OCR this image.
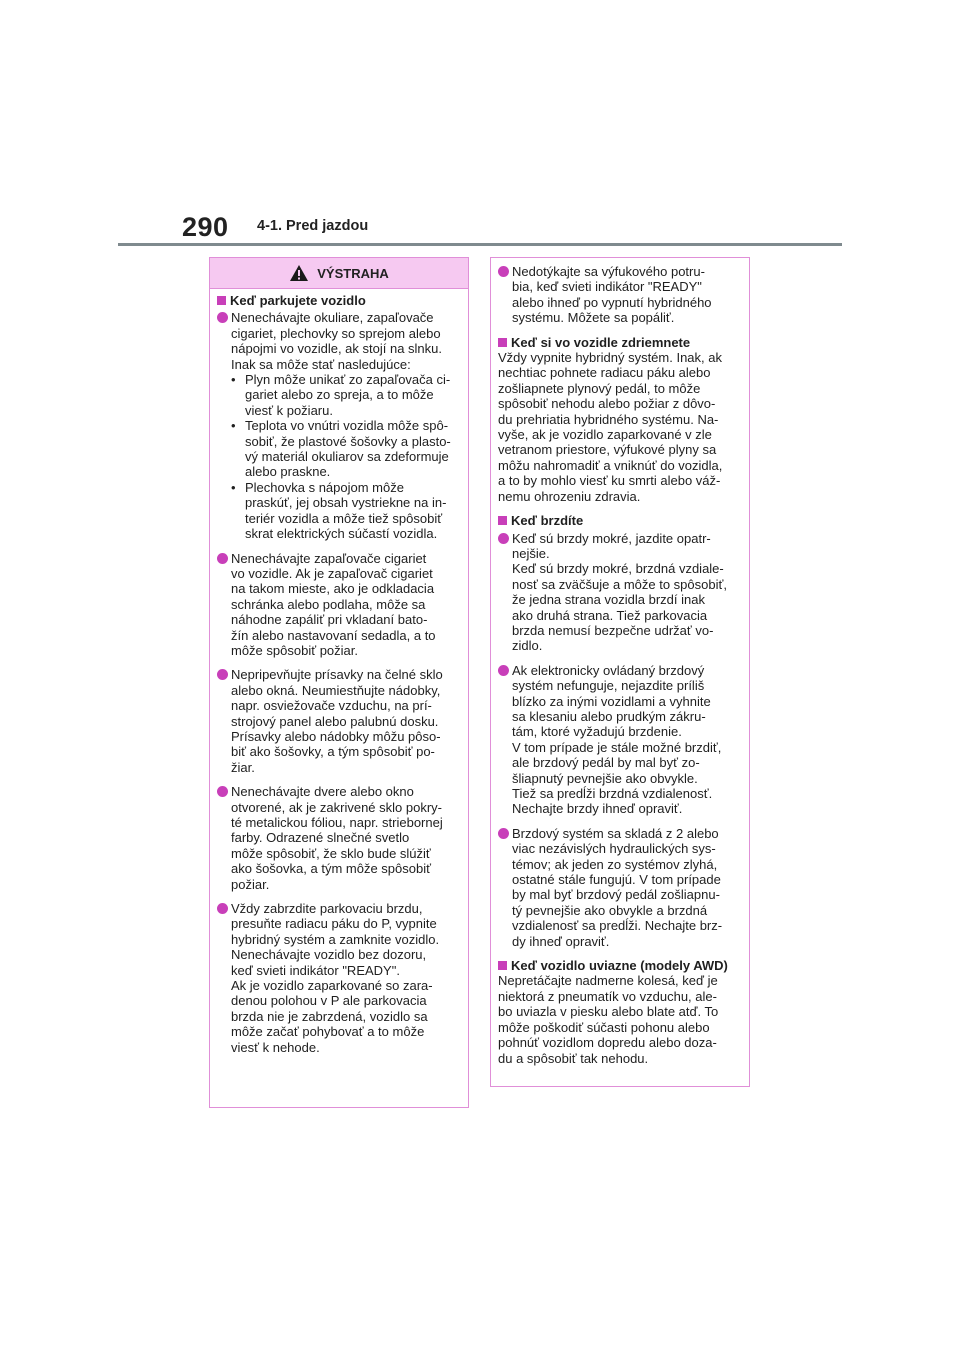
290 4-1. Pred jazdou
VÝSTRAHA
Keď parkujete vozidlo
Nenechávajte okuliare, zapaľovače
cigariet, plechovky so sprejom alebo
nápojmi vo vozidle, ak stojí na slnku.
Inak sa môže stať nasledujúce:
• Plyn môže unikať zo zapaľovača ci-
gariet alebo zo spreja, a to môže
viesť k požiaru.
• Teplota vo vnútri vozidla môže spô-
sobiť, že plastové šošovky a plasto-
vý materiál okuliarov sa zdeformuje
alebo praskne.
• Plechovka s nápojom môže
praskúť, jej obsah vystriekne na in-
teriér vozidla a môže tiež spôsobiť
skrat elektrických súčastí vozidla.
Nenechávajte zapaľovače cigariet
vo vozidle. Ak je zapaľovač cigariet
na takom mieste, ako je odkladacia
schránka alebo podlaha, môže sa
náhodne zapáliť pri vkladaní bato-
žín alebo nastavovaní sedadla, a to
môže spôsobiť požiar.
Nepripevňujte prísavky na čelné sklo
alebo okná. Neumiestňujte nádobky,
napr. osviežovače vzduchu, na prí-
strojový panel alebo palubnú dosku.
Prísavky alebo nádobky môžu pôso-
biť ako šošovky, a tým spôsobiť po-
žiar.
Nenechávajte dvere alebo okno
otvorené, ak je zakrivené sklo pokry-
té metalickou fóliou, napr. striebornej
farby. Odrazené slnečné svetlo
môže spôsobiť, že sklo bude slúžiť
ako šošovka, a tým môže spôsobiť
požiar.
Vždy zabrzdite parkovaciu brzdu,
presuňte radiacu páku do P, vypnite
hybridný systém a zamknite vozidlo.
Nenechávajte vozidlo bez dozoru,
keď svieti indikátor "READY".
Ak je vozidlo zaparkované so zara-
denou polohou v P ale parkovacia
brzda nie je zabrzdená, vozidlo sa
môže začať pohybovať a to môže
viesť k nehode.
Nedotýkajte sa výfukového potru-
bia, keď svieti indikátor "READY"
alebo ihneď po vypnutí hybridného
systému. Môžete sa popáliť.
Keď si vo vozidle zdriemnete
Vždy vypnite hybridný systém. Inak, ak
nechtiac pohnete radiacu páku alebo
zošliapnete plynový pedál, to môže
spôsobiť nehodu alebo požiar z dôvo-
du prehriatia hybridného systému. Na-
vyše, ak je vozidlo zaparkované v zle
vetranom priestore, výfukové plyny sa
môžu nahromadiť a vniknúť do vozidla,
a to by mohlo viesť ku smrti alebo váž-
nemu ohrozeniu zdravia.
Keď brzdíte
Keď sú brzdy mokré, jazdite opatr-
nejšie.
Keď sú brzdy mokré, brzdná vzdiale-
nosť sa zväčšuje a môže to spôsobiť,
že jedna strana vozidla brzdí inak
ako druhá strana. Tiež parkovacia
brzda nemusí bezpečne udržať vo-
zidlo.
Ak elektronicky ovládaný brzdový
systém nefunguje, nejazdite príliš
blízko za inými vozidlami a vyhnite
sa klesaniu alebo prudkým zákru-
tám, ktoré vyžadujú brzdenie.
V tom prípade je stále možné brzdiť,
ale brzdový pedál by mal byť zo-
šliapnutý pevnejšie ako obvykle.
Tiež sa predĺži brzdná vzdialenosť.
Nechajte brzdy ihneď opraviť.
Brzdový systém sa skladá z 2 alebo
viac nezávislých hydraulických sys-
témov; ak jeden zo systémov zlyhá,
ostatné stále fungujú. V tom prípade
by mal byť brzdový pedál zošliapnu-
tý pevnejšie ako obvykle a brzdná
vzdialenosť sa predĺži. Nechajte brz-
dy ihneď opraviť.
Keď vozidlo uviazne (modely AWD)
Nepretáčajte nadmerne kolesá, keď je
niektorá z pneumatík vo vzduchu, ale-
bo uviazla v piesku alebo blate atď. To
môže poškodiť súčasti pohonu alebo
pohnúť vozidlom dopredu alebo doza-
du a spôsobiť tak nehodu.
